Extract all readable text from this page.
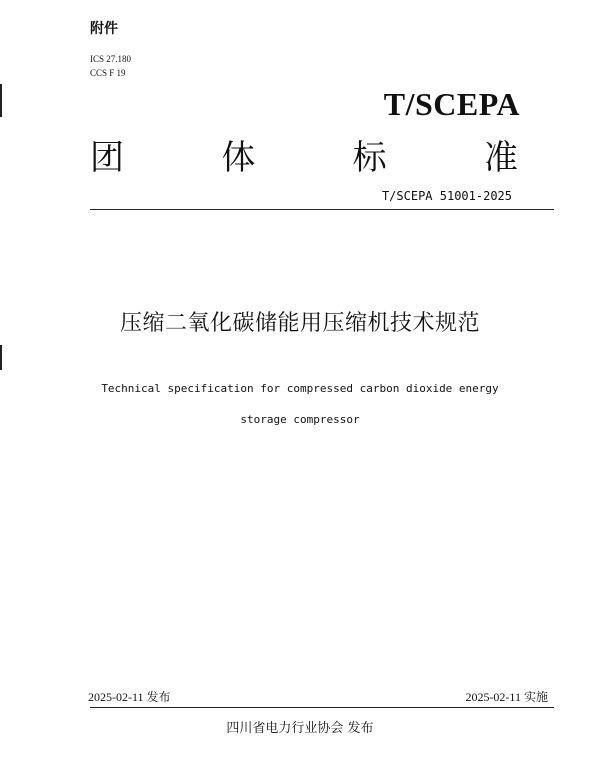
附件
ICS 27.180
CCS F 19
T/SCEPA
团	体	标	准
T/SCEPA 51001-2025
压缩二氧化碳储能用压缩机技术规范
Technical specification for compressed carbon dioxide energy
storage compressor
2025-02-11 发布	2025-02-11 实施
四川省电力行业协会 发布
